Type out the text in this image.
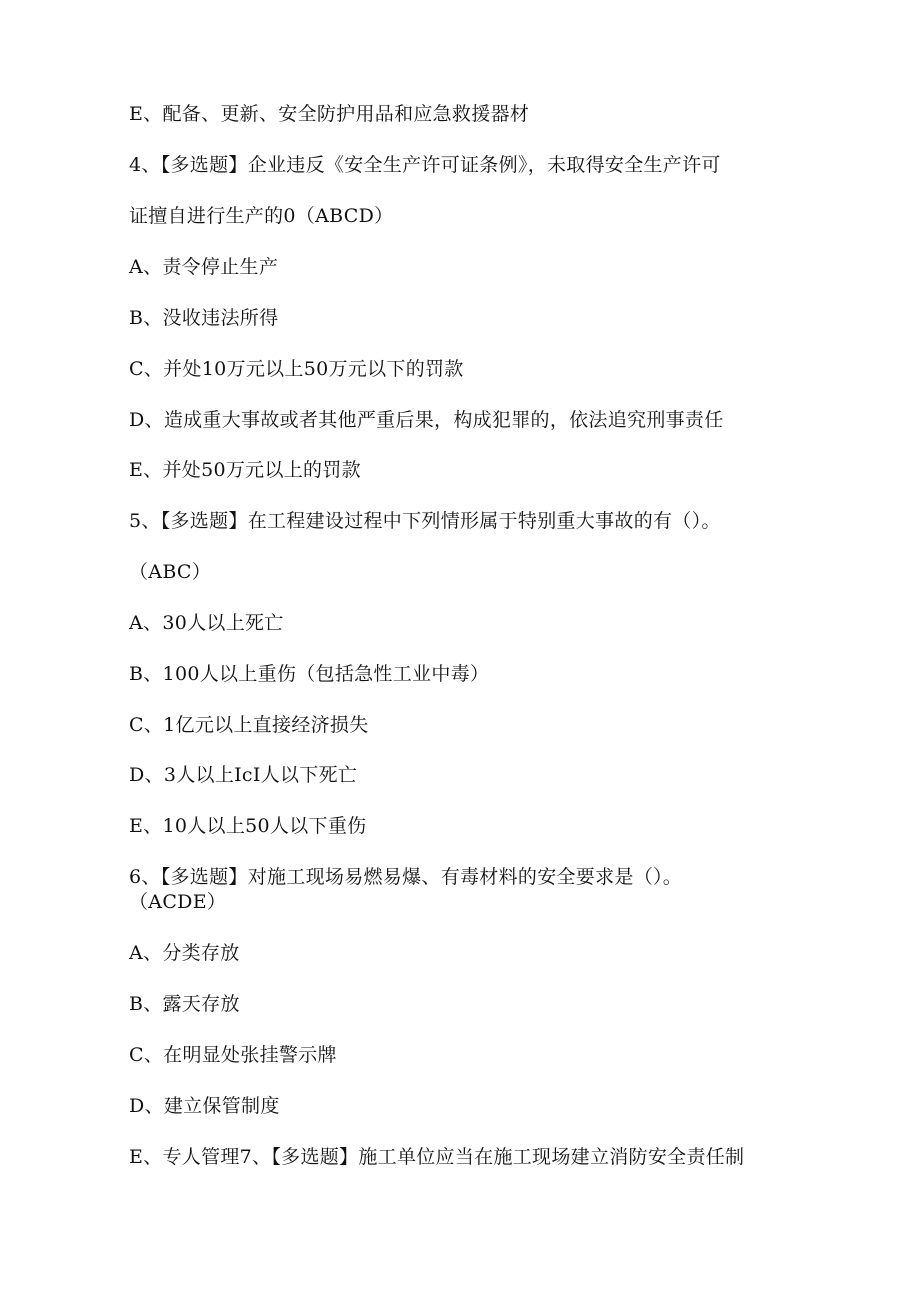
E、配备、更新、安全防护用品和应急救援器材
4、【多选题】企业违反《安全生产许可证条例》，未取得安全生产许可
证擅自进行生产的0（ABCD）
A、责令停止生产
B、没收违法所得
C、并处10万元以上50万元以下的罚款
D、造成重大事故或者其他严重后果，构成犯罪的，依法追究刑事责任
E、并处50万元以上的罚款
5、【多选题】在工程建设过程中下列情形属于特别重大事故的有（）。
（ABC）
A、30人以上死亡
B、100人以上重伤（包括急性工业中毒）
C、1亿元以上直接经济损失
D、3人以上IcI人以下死亡
E、10人以上50人以下重伤
6、【多选题】对施工现场易燃易爆、有毒材料的安全要求是（）。
（ACDE）
A、分类存放
B、露天存放
C、在明显处张挂警示牌
D、建立保管制度
E、专人管理7、【多选题】施工单位应当在施工现场建立消防安全责任制
